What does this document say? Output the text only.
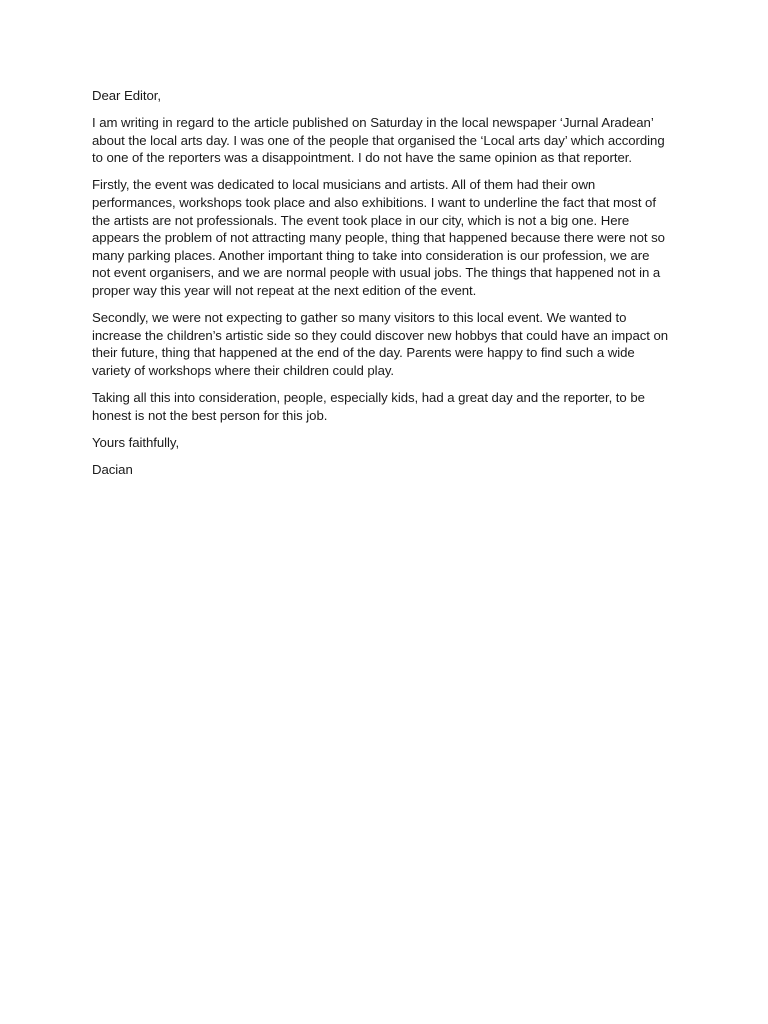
Dear Editor,

I am writing in regard to the article published on Saturday in the local newspaper ‘Jurnal Aradean’
about the local arts day. I was one of the people that organised the ‘Local arts day’ which according
to one of the reporters was a disappointment. I do not have the same opinion as that reporter.

Firstly, the event was dedicated to local musicians and artists. All of them had their own
performances, workshops took place and also exhibitions. I want to underline the fact that most of
the artists are not professionals. The event took place in our city, which is not a big one. Here
appears the problem of not attracting many people, thing that happened because there were not so
many parking places. Another important thing to take into consideration is our profession, we are
not event organisers, and we are normal people with usual jobs. The things that happened not in a
proper way this year will not repeat at the next edition of the event.

Secondly, we were not expecting to gather so many visitors to this local event. We wanted to
increase the children’s artistic side so they could discover new hobbys that could have an impact on
their future, thing that happened at the end of the day. Parents were happy to find such a wide
variety of workshops where their children could play.

Taking all this into consideration, people, especially kids, had a great day and the reporter, to be
honest is not the best person for this job.

Yours faithfully,

Dacian
